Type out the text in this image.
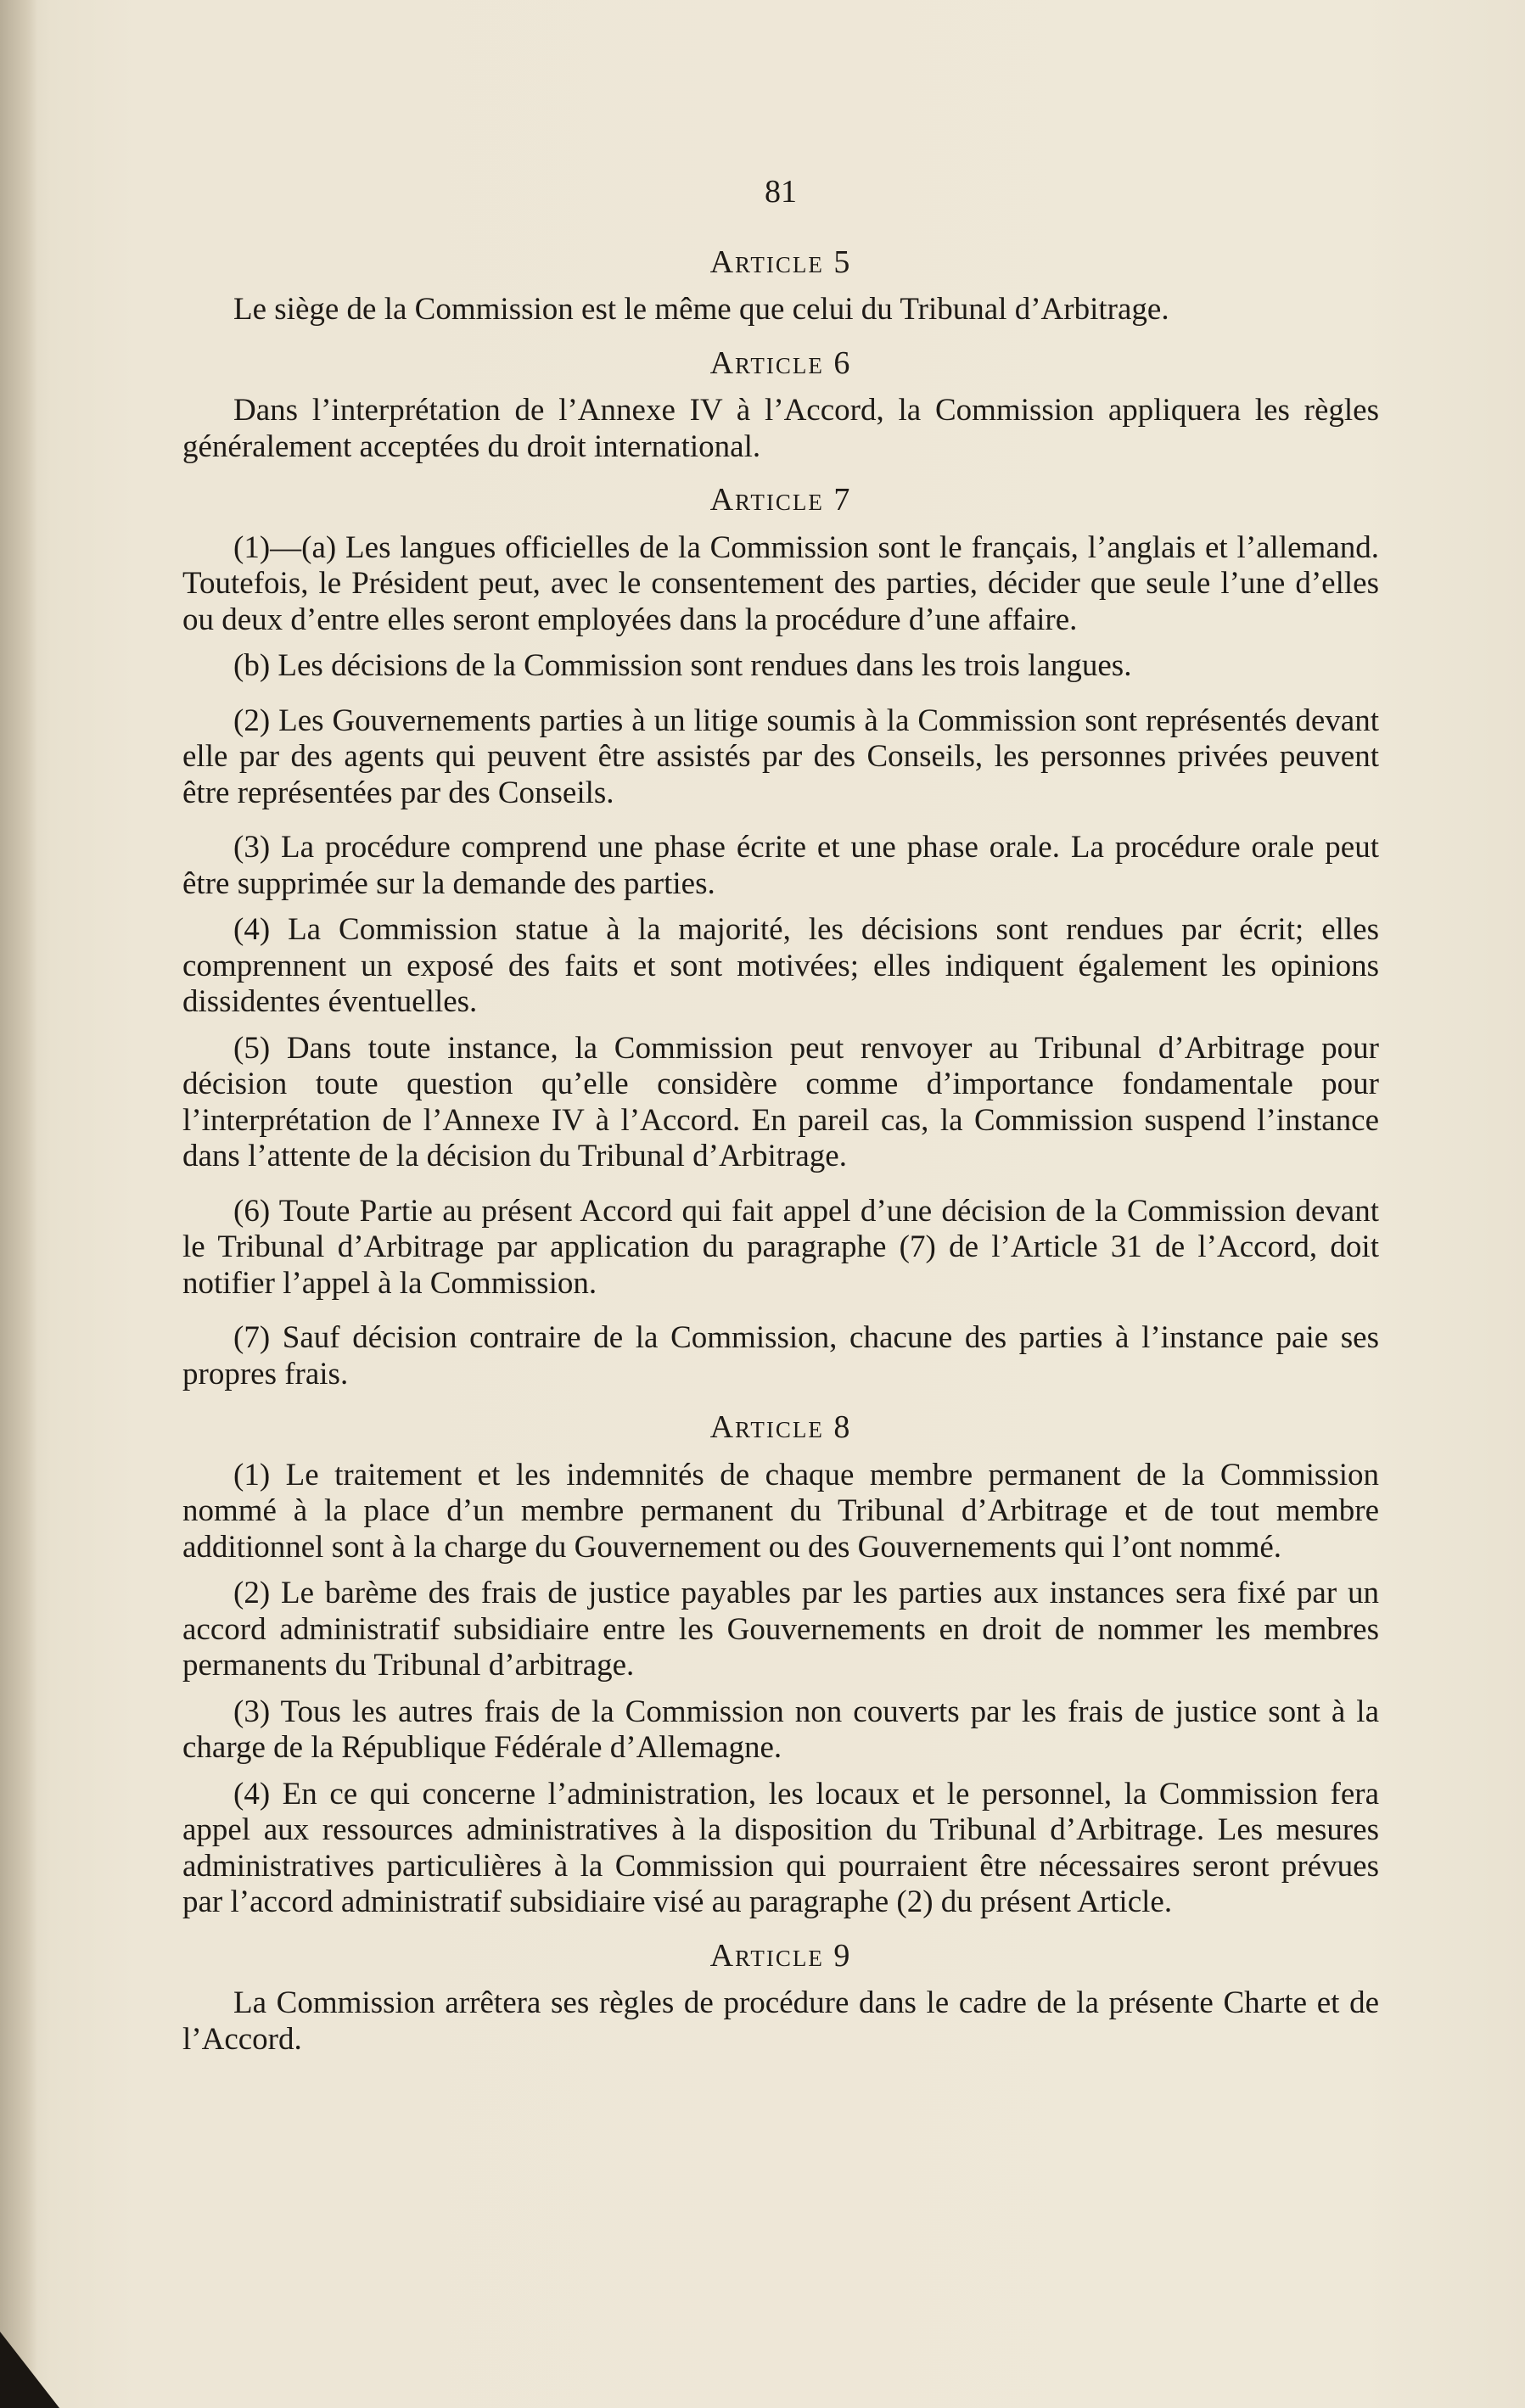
81
Article 5

Le siège de la Commission est le même que celui du Tribunal d’Arbitrage.

Article 6

Dans l’interprétation de l’Annexe IV à l’Accord, la Commission appliquera les règles généralement acceptées du droit international.

Article 7

(1)—(a) Les langues officielles de la Commission sont le français, l’anglais et l’allemand. Toutefois, le Président peut, avec le consentement des parties, décider que seule l’une d’elles ou deux d’entre elles seront employées dans la procédure d’une affaire.

(b) Les décisions de la Commission sont rendues dans les trois langues.

(2) Les Gouvernements parties à un litige soumis à la Commission sont représentés devant elle par des agents qui peuvent être assistés par des Conseils, les personnes privées peuvent être représentées par des Conseils.

(3) La procédure comprend une phase écrite et une phase orale. La procédure orale peut être supprimée sur la demande des parties.

(4) La Commission statue à la majorité, les décisions sont rendues par écrit; elles comprennent un exposé des faits et sont motivées; elles indiquent également les opinions dissidentes éventuelles.

(5) Dans toute instance, la Commission peut renvoyer au Tribunal d’Arbitrage pour décision toute question qu’elle considère comme d’importance fondamentale pour l’interprétation de l’Annexe IV à l’Accord. En pareil cas, la Commission suspend l’instance dans l’attente de la décision du Tribunal d’Arbitrage.

(6) Toute Partie au présent Accord qui fait appel d’une décision de la Commission devant le Tribunal d’Arbitrage par application du paragraphe (7) de l’Article 31 de l’Accord, doit notifier l’appel à la Commission.

(7) Sauf décision contraire de la Commission, chacune des parties à l’instance paie ses propres frais.

Article 8

(1) Le traitement et les indemnités de chaque membre permanent de la Commission nommé à la place d’un membre permanent du Tribunal d’Arbitrage et de tout membre additionnel sont à la charge du Gouvernement ou des Gouvernements qui l’ont nommé.

(2) Le barème des frais de justice payables par les parties aux instances sera fixé par un accord administratif subsidiaire entre les Gouvernements en droit de nommer les membres permanents du Tribunal d’arbitrage.

(3) Tous les autres frais de la Commission non couverts par les frais de justice sont à la charge de la République Fédérale d’Allemagne.

(4) En ce qui concerne l’administration, les locaux et le personnel, la Commission fera appel aux ressources administratives à la disposition du Tribunal d’Arbitrage. Les mesures administratives particulières à la Commission qui pourraient être nécessaires seront prévues par l’accord administratif subsidiaire visé au paragraphe (2) du présent Article.

Article 9

La Commission arrêtera ses règles de procédure dans le cadre de la présente Charte et de l’Accord.
